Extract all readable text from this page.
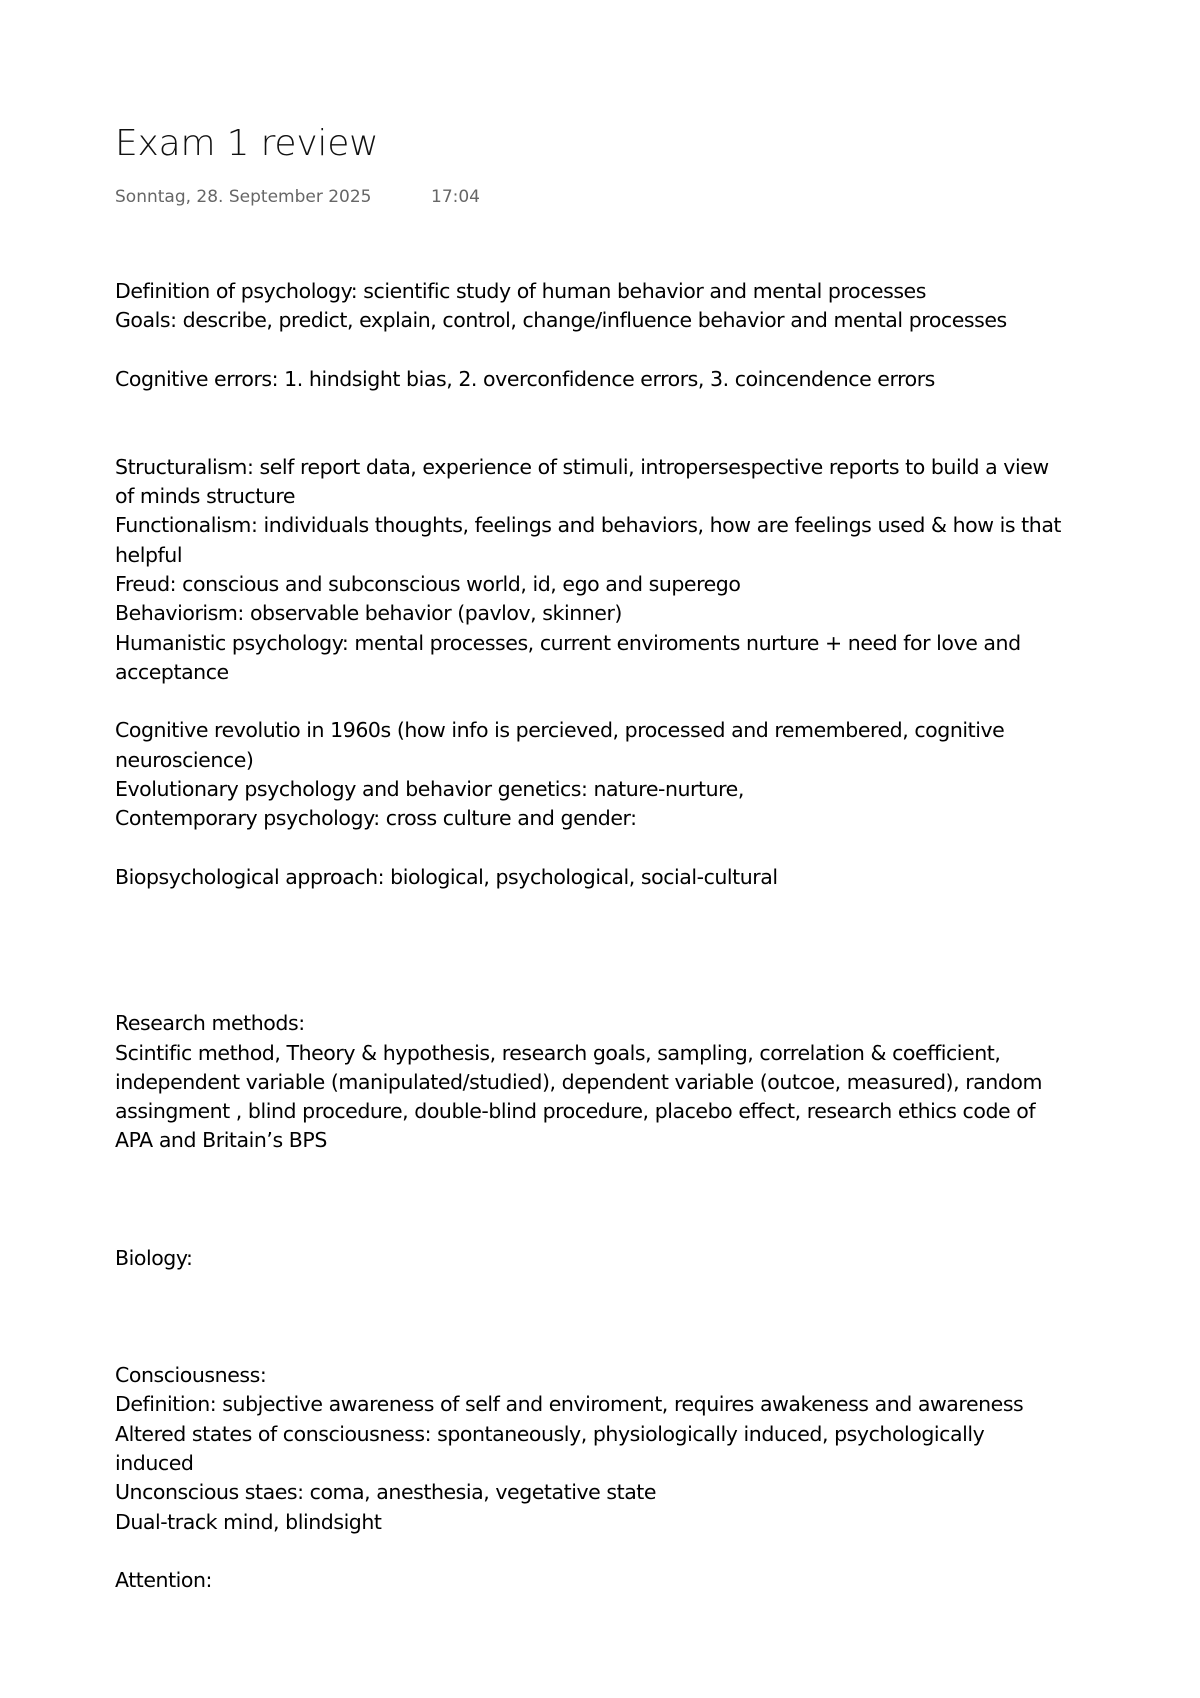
Exam 1 review
Sonntag, 28. September 2025	17:04
Definition of psychology: scientific study of human behavior and mental processes
Goals: describe, predict, explain, control, change/influence behavior and mental processes
Cognitive errors: 1. hindsight bias, 2. overconfidence errors, 3. coincendence errors
Structuralism: self report data, experience of stimuli, intropersespective reports to build a view of minds structure
Functionalism: individuals thoughts, feelings and behaviors, how are feelings used & how is that helpful
Freud: conscious and subconscious world, id, ego and superego
Behaviorism: observable behavior (pavlov, skinner)
Humanistic psychology: mental processes, current enviroments nurture + need for love and acceptance
Cognitive revolutio in 1960s (how info is percieved, processed and remembered, cognitive neuroscience)
Evolutionary psychology and behavior genetics: nature-nurture,
Contemporary psychology: cross culture and gender:
Biopsychological approach: biological, psychological, social-cultural
Research methods:
Scintific method, Theory & hypothesis, research goals, sampling, correlation & coefficient, independent variable (manipulated/studied), dependent variable (outcoe, measured), random assingment , blind procedure, double-blind procedure, placebo effect, research ethics code of APA and Britain’s BPS
Biology:
Consciousness:
Definition: subjective awareness of self and enviroment, requires awakeness and awareness
Altered states of consciousness: spontaneously, physiologically induced, psychologically induced
Unconscious staes: coma, anesthesia, vegetative state
Dual-track mind, blindsight
Attention:
